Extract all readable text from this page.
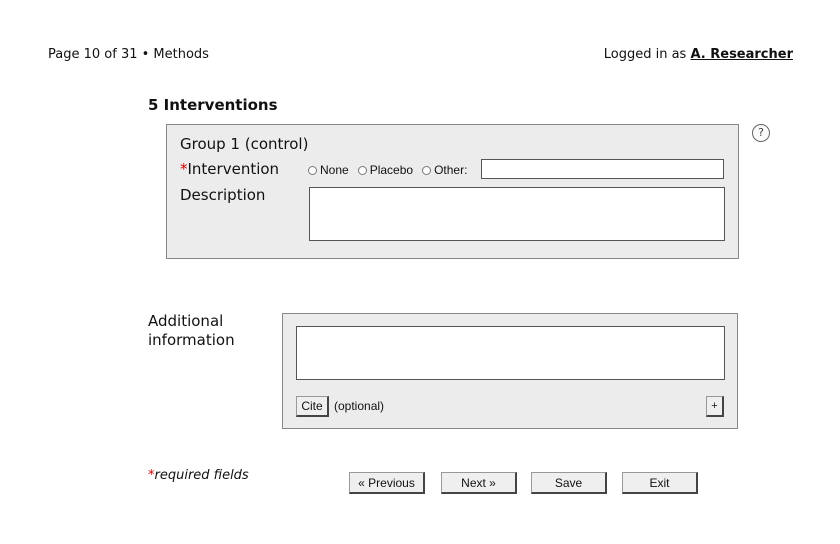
Page 10 of 31 • Methods	Logged in as A. Researcher
5 Interventions
?
Group 1 (control)
*Intervention	None Placebo Other:
Description
Additional
information
Cite (optional)	+
*required fields	« Previous	Next »	Save	Exit
